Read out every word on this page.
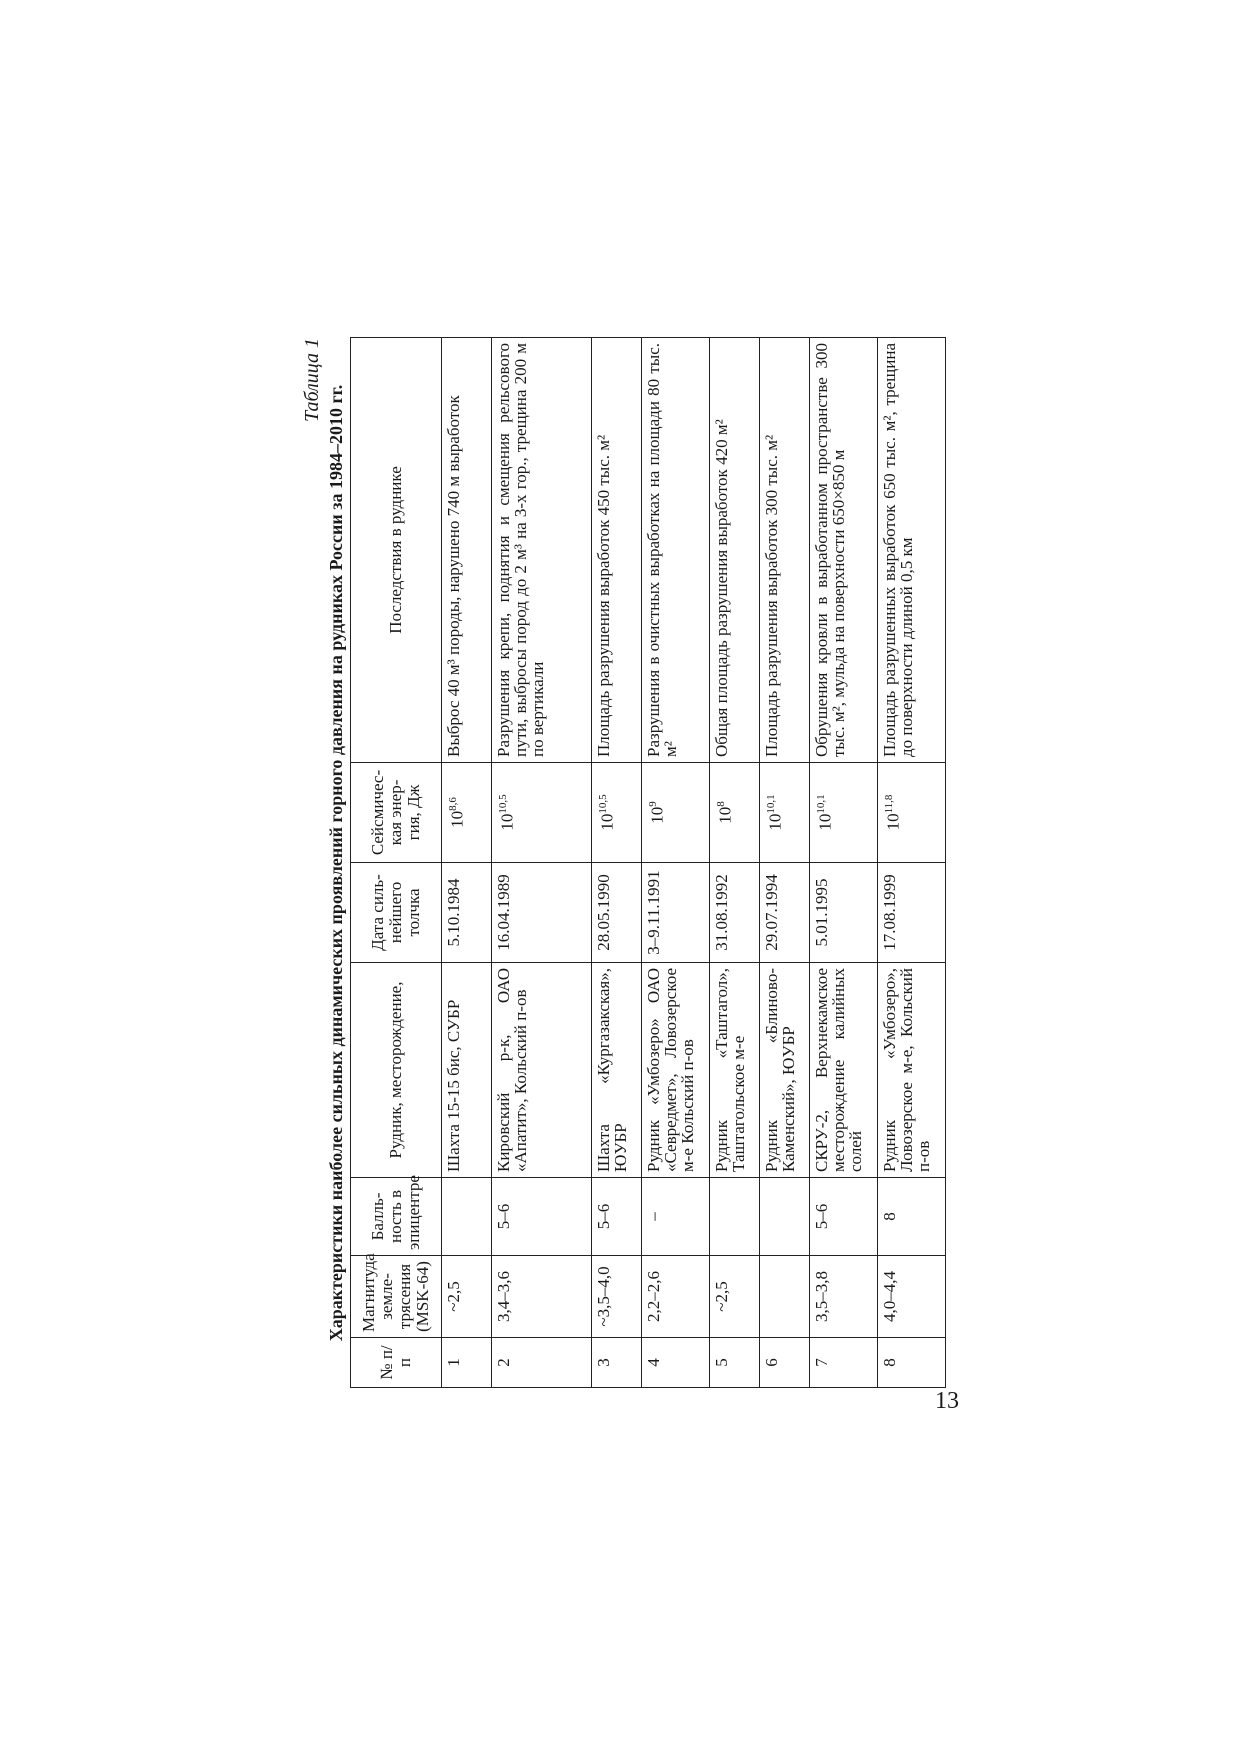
Таблица 1
Характеристики наиболее сильных динамических проявлений горного давления на рудниках России за 1984–2010 гг.
№ п/п	Магнитуда земле-трясения (MSK-64)	Балль-ность в эпицентре	Рудник, месторождение,	Дата силь-нейшего толчка	Сейсмичес-кая энер-гия, Дж	Последствия в руднике
1	~2,5		Шахта 15-15 бис, СУБР	5.10.1984	10$^{8,6}$	Выброс 40 м³ породы, нарушено 740 м выработок
2	3,4–3,6	5–6	Кировский р-к, ОАО «Апатит», Кольский п-ов	16.04.1989	10$^{10,5}$	Разрушения крепи, поднятия и смещения рельсового пути, выбросы пород до 2 м³ на 3-х гор., трещина 200 м по вертикали
3	~3,5–4,0	5–6	Шахта «Кургазакская», ЮУБР	28.05.1990	10$^{10,5}$	Площадь разрушения выработок 450 тыс. м²
4	2,2–2,6	–	Рудник «Умбозеро» ОАО «Севредмет», Ловозерское м-е Кольский п-ов	3–9.11.1991	$10^9$	Разрушения в очистных выработках на площади 80 тыс. м²
5	~2,5		Рудник «Таштагол», Таштагольское м-е	31.08.1992	$10^8$	Общая площадь разрушения выработок 420 м²
6			Рудник «Блиново-Каменский», ЮУБР	29.07.1994	10$^{10,1}$	Площадь разрушения выработок 300 тыс. м²
7	3,5–3,8	5–6	СКРУ-2, Верхнекамское месторождение калийных солей	5.01.1995	10$^{10,1}$	Обрушения кровли в выработанном пространстве 300 тыс. м², мульда на поверхности 650×850 м
8	4,0–4,4	8	Рудник «Умбозеро», Ловозерское м-е, Кольский п-ов	17.08.1999	10$^{11,8}$	Площадь разрушенных выработок 650 тыс. м², трещина до поверхности длиной 0,5 км
13
